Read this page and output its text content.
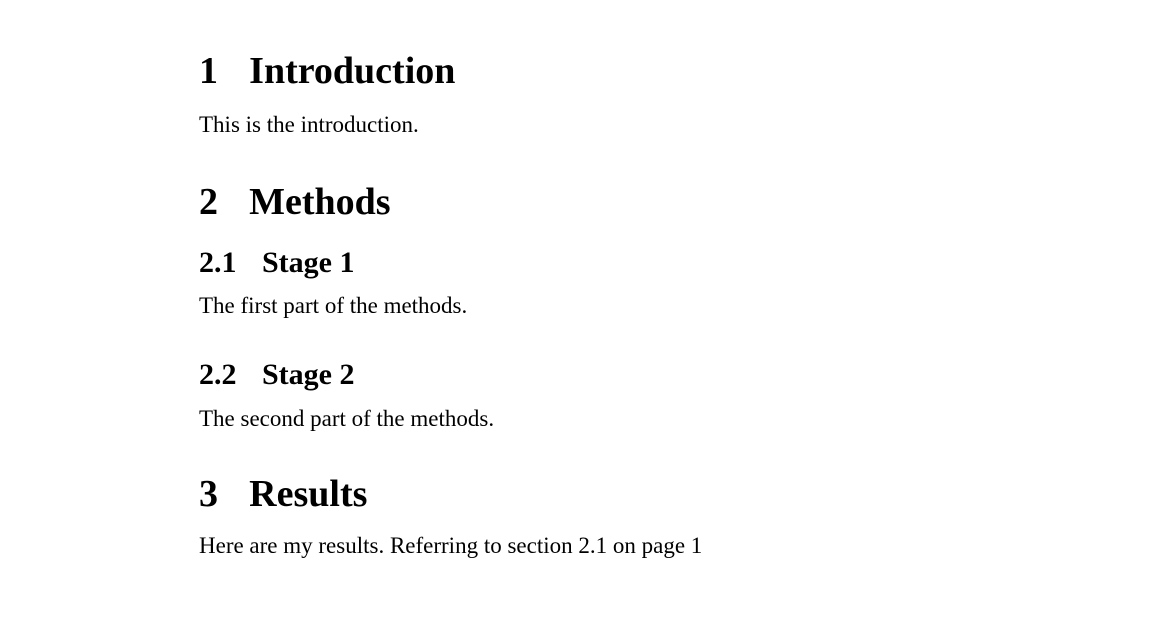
1 Introduction

This is the introduction.

2 Methods
2.1 Stage 1

The first part of the methods.

2.2 Stage 2

The second part of the methods.

3 Results

Here are my results. Referring to section 2.1 on page 1
